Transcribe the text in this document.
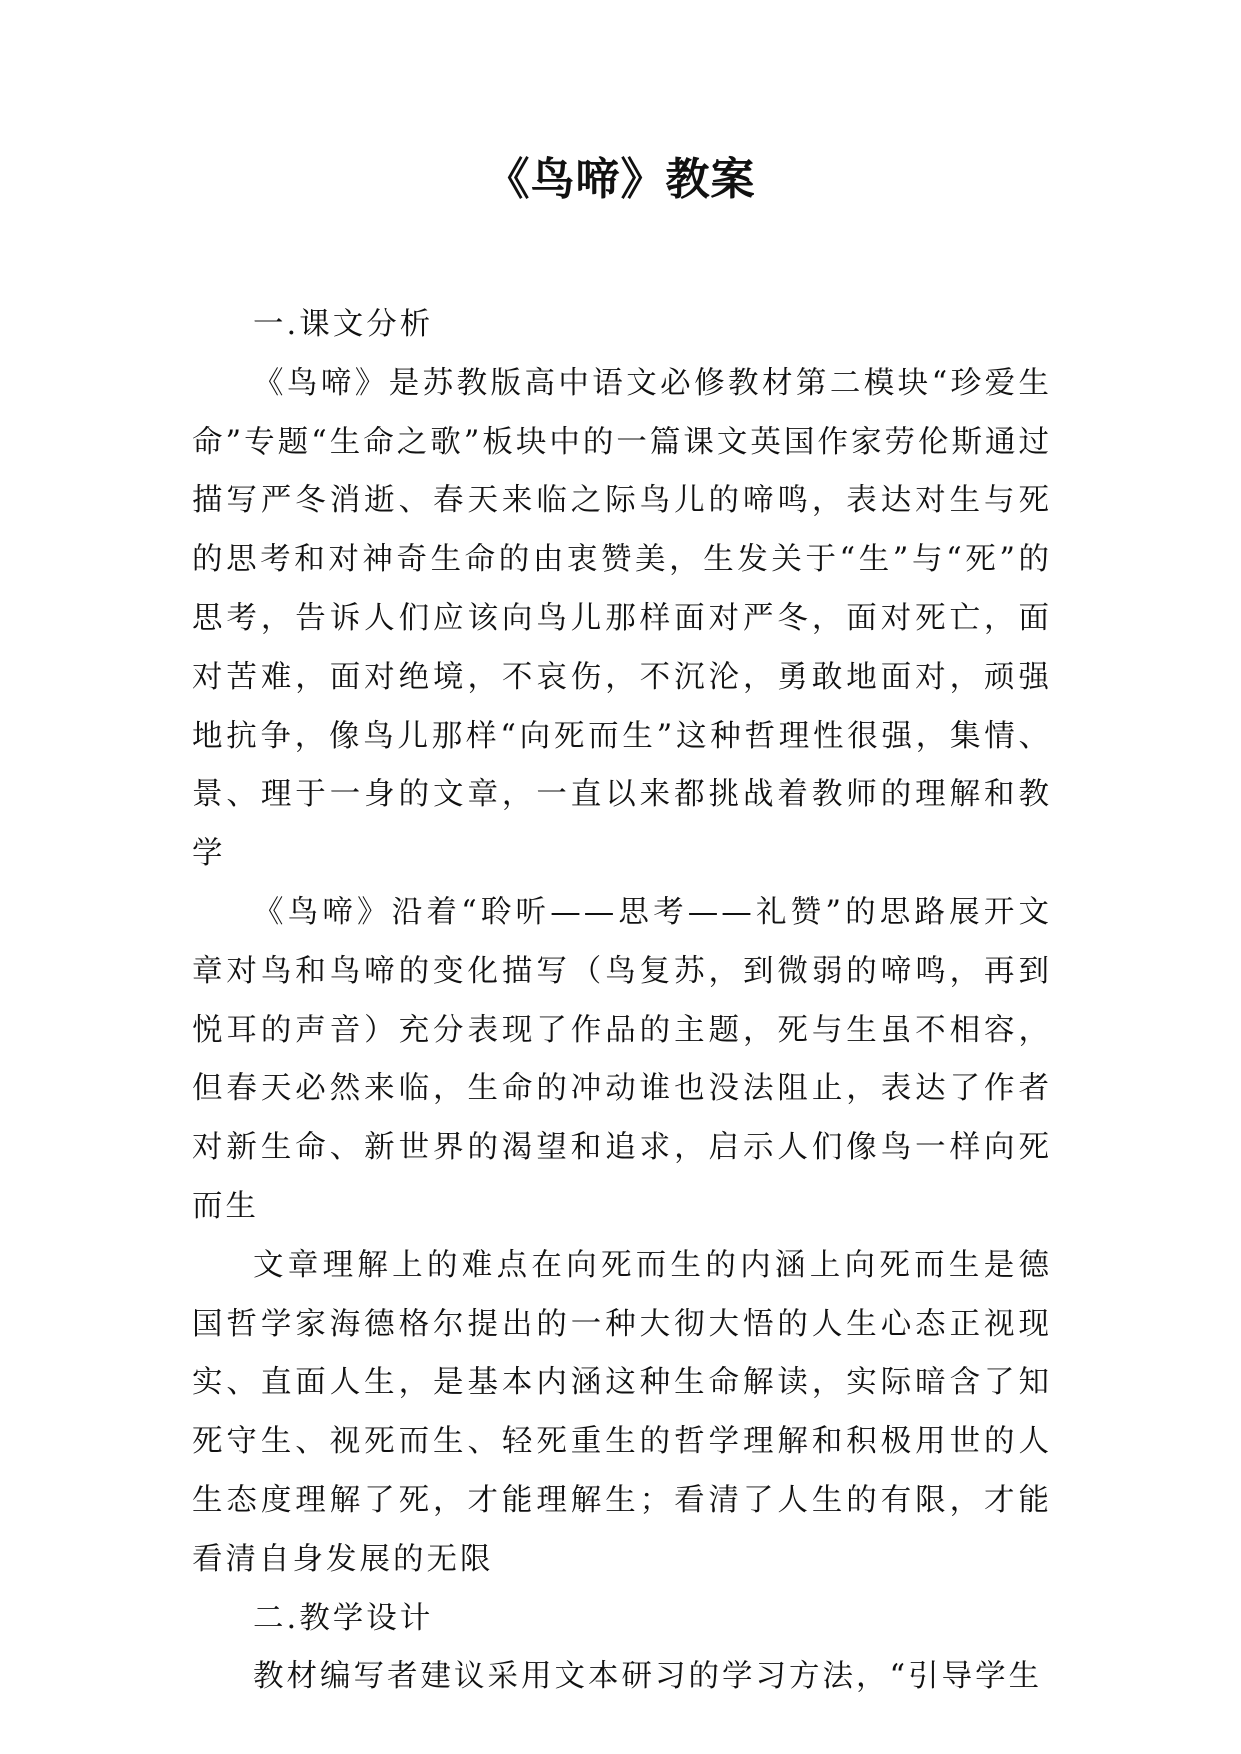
《鸟啼》教案

一.课文分析

《鸟啼》是苏教版高中语文必修教材第二模块“珍爱生命”专题“生命之歌”板块中的一篇课文英国作家劳伦斯通过描写严冬消逝、春天来临之际鸟儿的啼鸣，表达对生与死的思考和对神奇生命的由衷赞美，生发关于“生”与“死”的思考，告诉人们应该向鸟儿那样面对严冬，面对死亡，面对苦难，面对绝境，不哀伤，不沉沦，勇敢地面对，顽强地抗争，像鸟儿那样“向死而生”这种哲理性很强，集情、景、理于一身的文章，一直以来都挑战着教师的理解和教学

《鸟啼》沿着“聆听——思考——礼赞”的思路展开文章对鸟和鸟啼的变化描写（鸟复苏，到微弱的啼鸣，再到悦耳的声音）充分表现了作品的主题，死与生虽不相容，但春天必然来临，生命的冲动谁也没法阻止，表达了作者对新生命、新世界的渴望和追求，启示人们像鸟一样向死而生

文章理解上的难点在向死而生的内涵上向死而生是德国哲学家海德格尔提出的一种大彻大悟的人生心态正视现实、直面人生，是基本内涵这种生命解读，实际暗含了知死守生、视死而生、轻死重生的哲学理解和积极用世的人生态度理解了死，才能理解生；看清了人生的有限，才能看清自身发展的无限

二.教学设计

教材编写者建议采用文本研习的学习方法，“引导学生
